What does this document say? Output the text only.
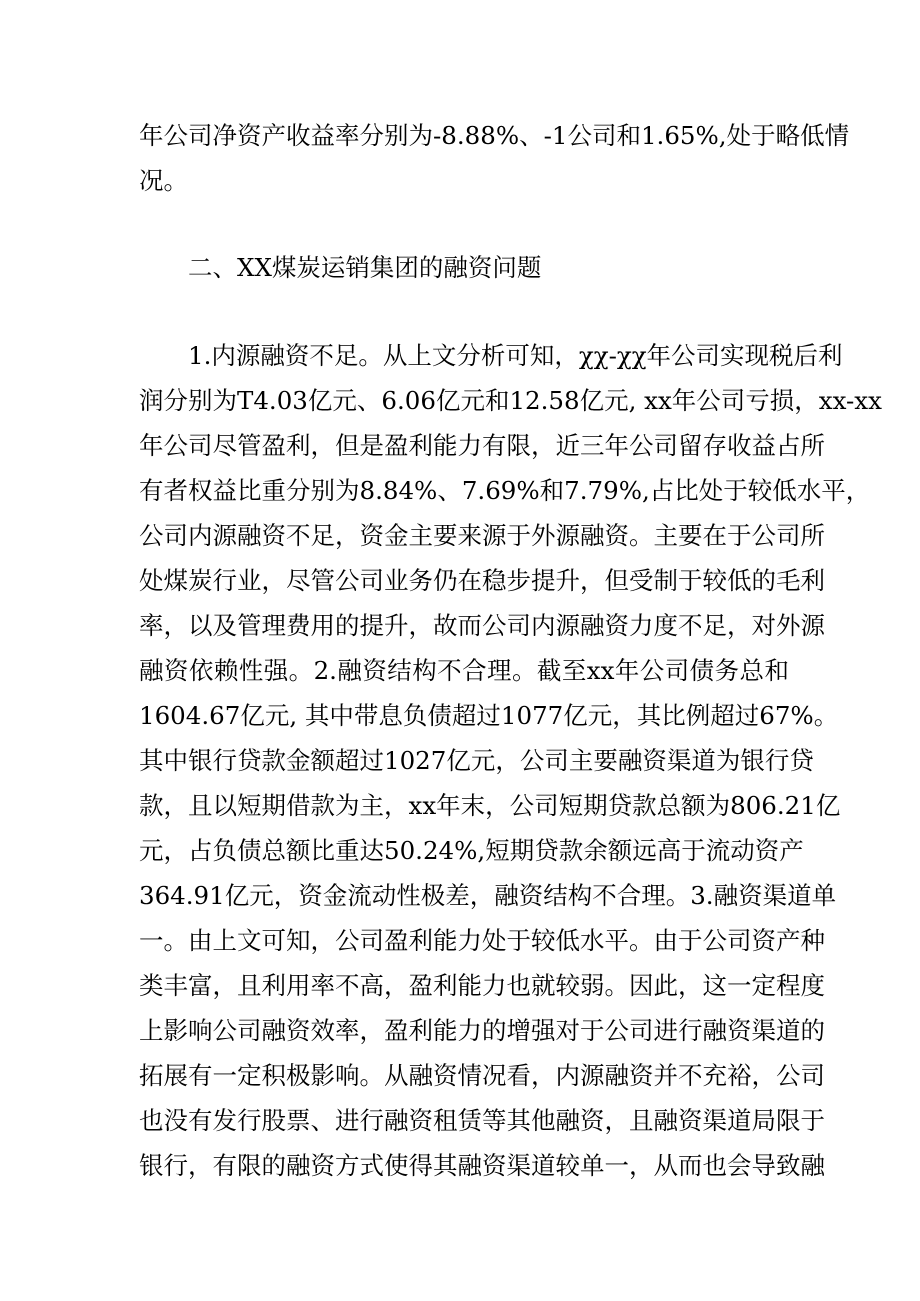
年公司净资产收益率分别为-8.88%、-1公司和1.65%,处于略低情
况。
二、XX煤炭运销集团的融资问题
　　1.内源融资不足。从上文分析可知，χχ-χχ年公司实现税后利
润分别为T4.03亿元、6.06亿元和12.58亿元, xx年公司亏损，xx-xx
年公司尽管盈利，但是盈利能力有限，近三年公司留存收益占所
有者权益比重分别为8.84%、7.69%和7.79%,占比处于较低水平，
公司内源融资不足，资金主要来源于外源融资。主要在于公司所
处煤炭行业，尽管公司业务仍在稳步提升，但受制于较低的毛利
率，以及管理费用的提升，故而公司内源融资力度不足，对外源
融资依赖性强。2.融资结构不合理。截至xx年公司债务总和
1604.67亿元, 其中带息负债超过1077亿元，其比例超过67%。
其中银行贷款金额超过1027亿元，公司主要融资渠道为银行贷
款，且以短期借款为主，xx年末，公司短期贷款总额为806.21亿
元，占负债总额比重达50.24%,短期贷款余额远高于流动资产
364.91亿元，资金流动性极差，融资结构不合理。3.融资渠道单
一。由上文可知，公司盈利能力处于较低水平。由于公司资产种
类丰富，且利用率不高，盈利能力也就较弱。因此，这一定程度
上影响公司融资效率，盈利能力的增强对于公司进行融资渠道的
拓展有一定积极影响。从融资情况看，内源融资并不充裕，公司
也没有发行股票、进行融资租赁等其他融资，且融资渠道局限于
银行，有限的融资方式使得其融资渠道较单一，从而也会导致融
